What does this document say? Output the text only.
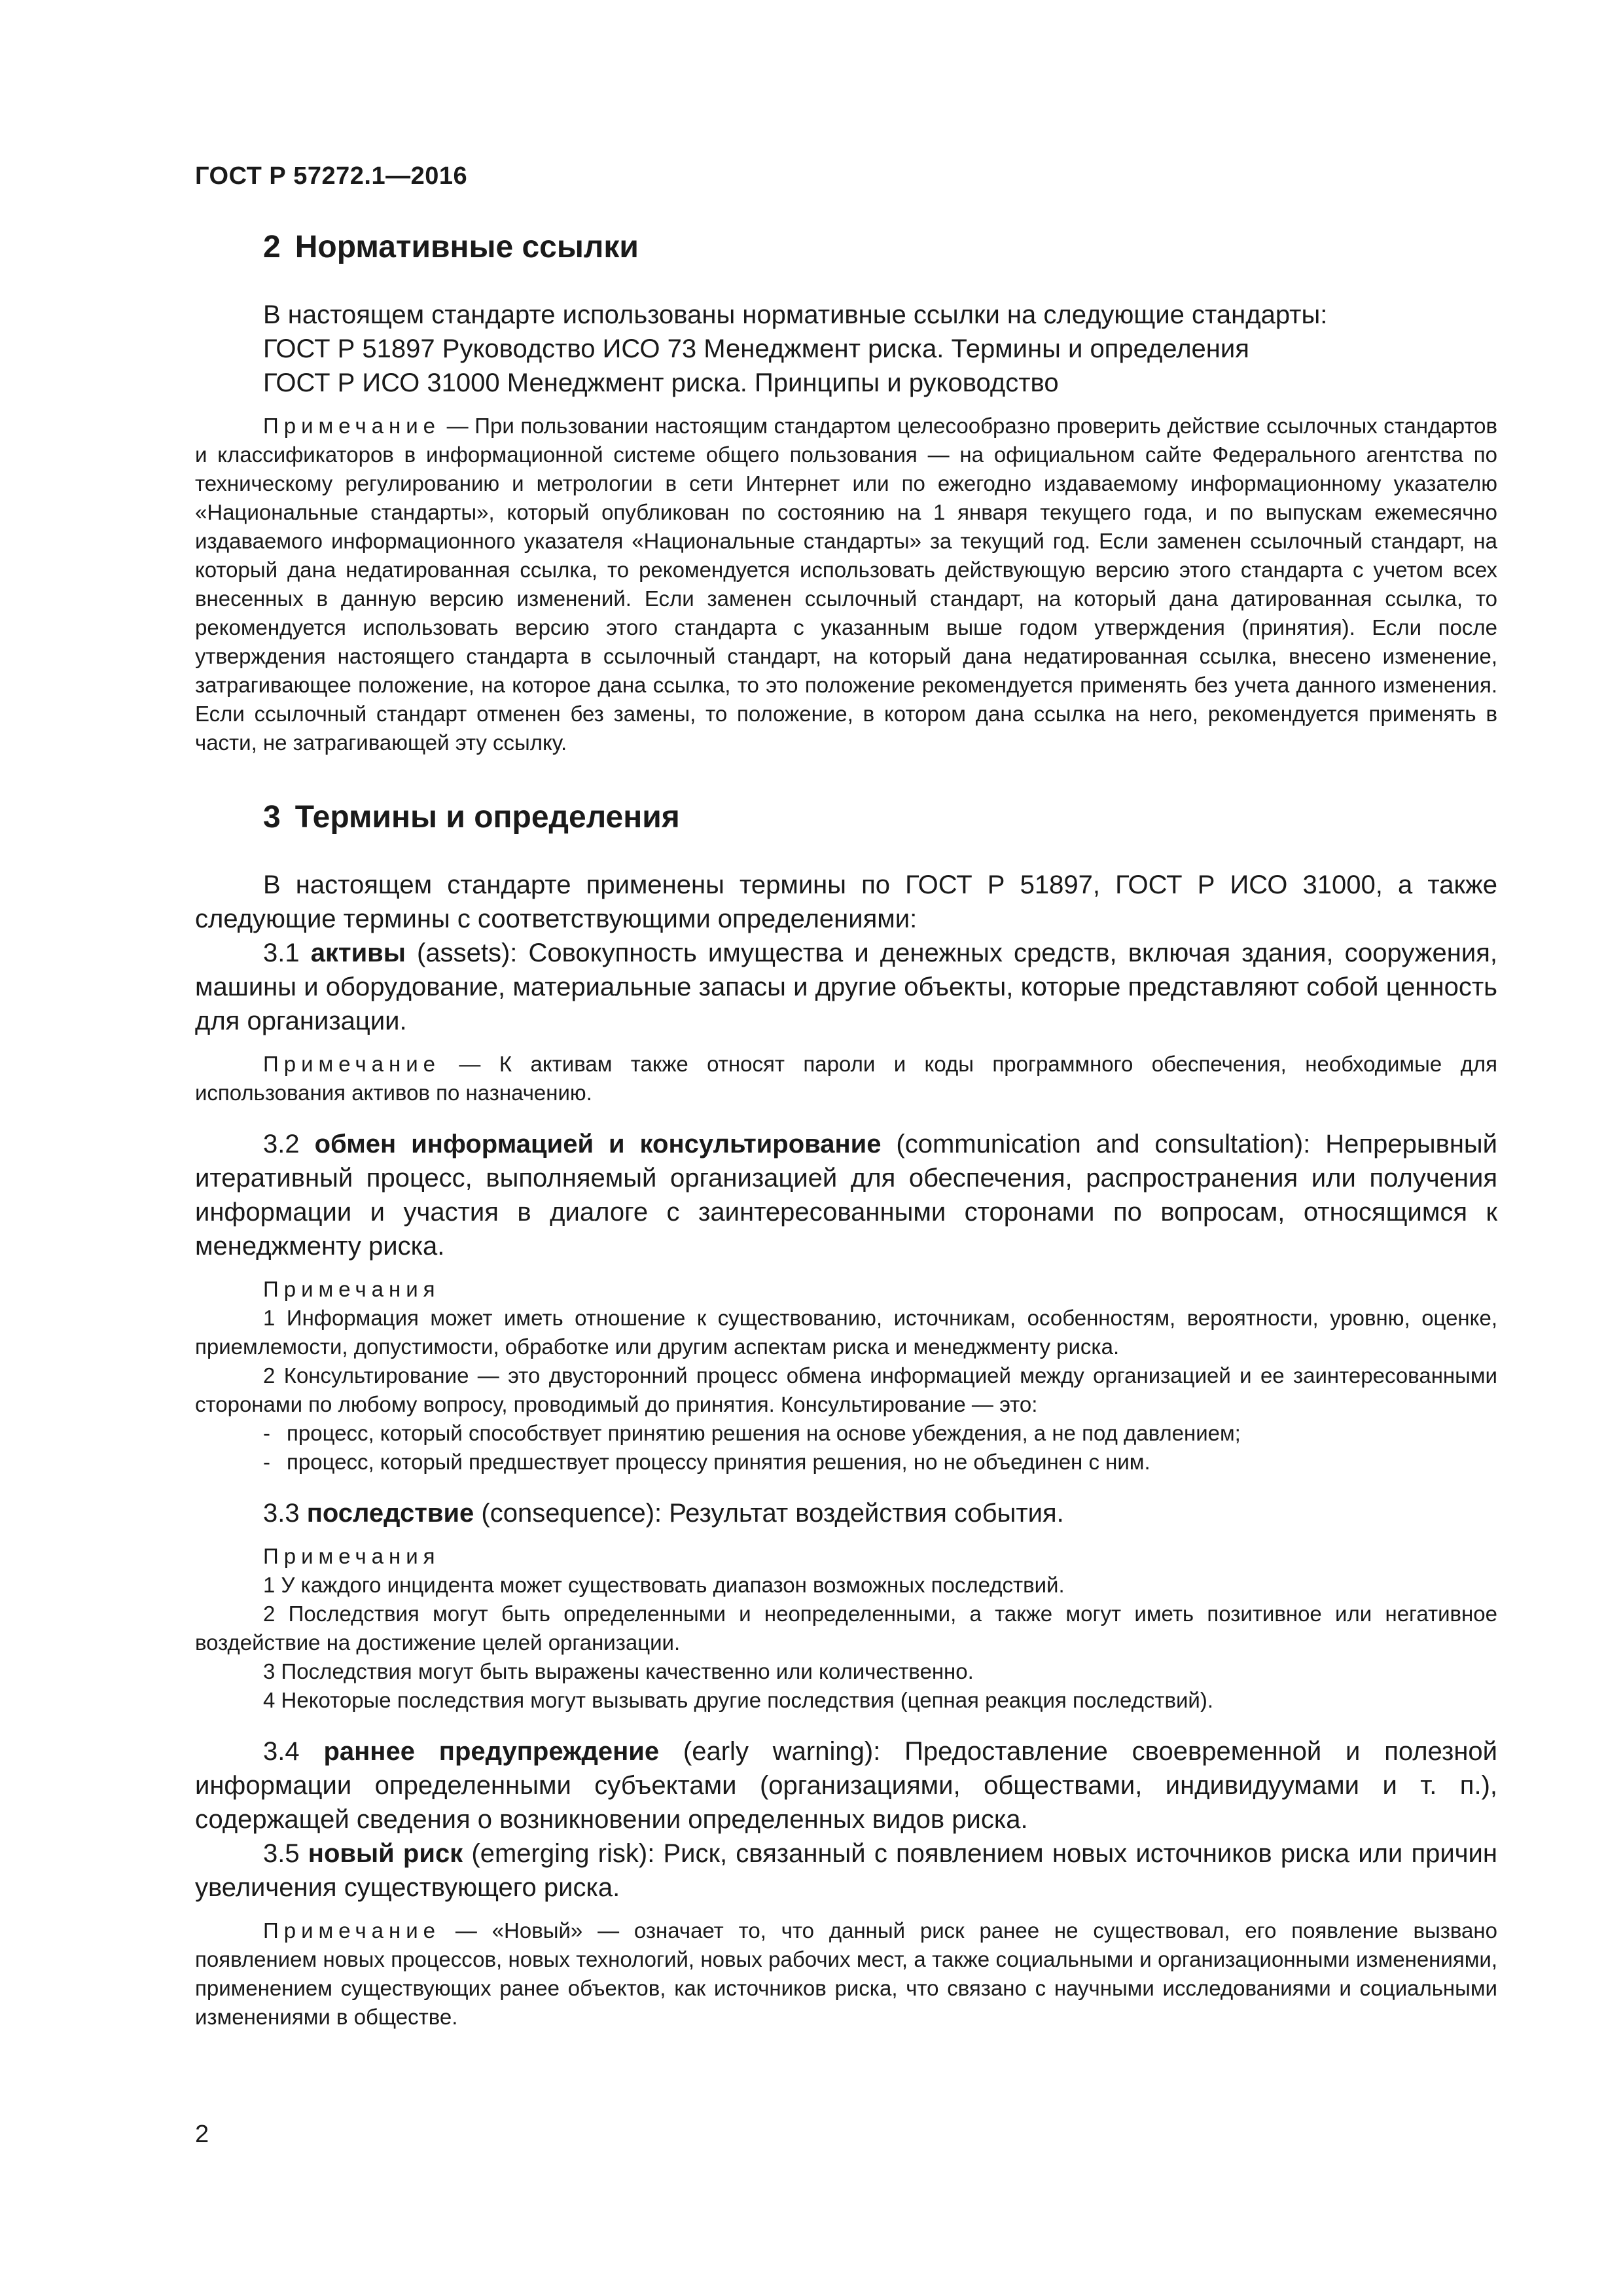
ГОСТ Р 57272.1—2016
2 Нормативные ссылки

В настоящем стандарте использованы нормативные ссылки на следующие стандарты:

ГОСТ Р 51897 Руководство ИСО 73 Менеджмент риска. Термины и определения

ГОСТ Р ИСО 31000 Менеджмент риска. Принципы и руководство

Примечание — При пользовании настоящим стандартом целесообразно проверить действие ссылочных стандартов и классификаторов в информационной системе общего пользования — на официальном сайте Федерального агентства по техническому регулированию и метрологии в сети Интернет или по ежегодно издаваемому информационному указателю «Национальные стандарты», который опубликован по состоянию на 1 января текущего года, и по выпускам ежемесячно издаваемого информационного указателя «Национальные стандарты» за текущий год. Если заменен ссылочный стандарт, на который дана недатированная ссылка, то рекомендуется использовать действующую версию этого стандарта с учетом всех внесенных в данную версию изменений. Если заменен ссылочный стандарт, на который дана датированная ссылка, то рекомендуется использовать версию этого стандарта с указанным выше годом утверждения (принятия). Если после утверждения настоящего стандарта в ссылочный стандарт, на который дана недатированная ссылка, внесено изменение, затрагивающее положение, на которое дана ссылка, то это положение рекомендуется применять без учета данного изменения. Если ссылочный стандарт отменен без замены, то положение, в котором дана ссылка на него, рекомендуется применять в части, не затрагивающей эту ссылку.

3 Термины и определения

В настоящем стандарте применены термины по ГОСТ Р 51897, ГОСТ Р ИСО 31000, а также следующие термины с соответствующими определениями:

3.1 активы (assets): Совокупность имущества и денежных средств, включая здания, сооружения, машины и оборудование, материальные запасы и другие объекты, которые представляют собой ценность для организации.

Примечание — К активам также относят пароли и коды программного обеспечения, необходимые для использования активов по назначению.

3.2 обмен информацией и консультирование (communication and consultation): Непрерывный итеративный процесс, выполняемый организацией для обеспечения, распространения или получения информации и участия в диалоге с заинтересованными сторонами по вопросам, относящимся к менеджменту риска.

Примечания

1 Информация может иметь отношение к существованию, источникам, особенностям, вероятности, уровню, оценке, приемлемости, допустимости, обработке или другим аспектам риска и менеджменту риска.

2 Консультирование — это двусторонний процесс обмена информацией между организацией и ее заинтересованными сторонами по любому вопросу, проводимый до принятия. Консультирование — это:

- процесс, который способствует принятию решения на основе убеждения, а не под давлением;

- процесс, который предшествует процессу принятия решения, но не объединен с ним.

3.3 последствие (consequence): Результат воздействия события.

Примечания

1 У каждого инцидента может существовать диапазон возможных последствий.

2 Последствия могут быть определенными и неопределенными, а также могут иметь позитивное или негативное воздействие на достижение целей организации.

3 Последствия могут быть выражены качественно или количественно.

4 Некоторые последствия могут вызывать другие последствия (цепная реакция последствий).

3.4 раннее предупреждение (early warning): Предоставление своевременной и полезной информации определенными субъектами (организациями, обществами, индивидуумами и т. п.), содержащей сведения о возникновении определенных видов риска.

3.5 новый риск (emerging risk): Риск, связанный с появлением новых источников риска или причин увеличения существующего риска.

Примечание — «Новый» — означает то, что данный риск ранее не существовал, его появление вызвано появлением новых процессов, новых технологий, новых рабочих мест, а также социальными и организационными изменениями, применением существующих ранее объектов, как источников риска, что связано с научными исследованиями и социальными изменениями в обществе.

2
